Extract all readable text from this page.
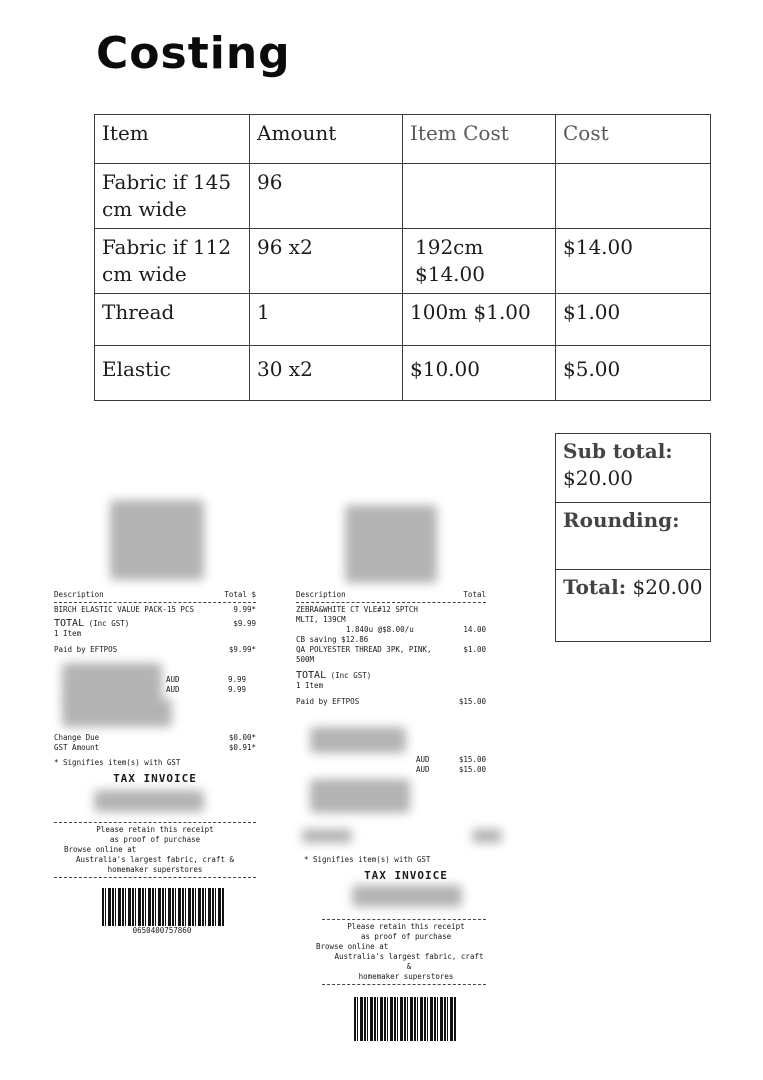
Costing
Item	Amount	Item Cost	Cost
Fabric if 145 cm wide	96		
Fabric if 112 cm wide	96 x2	192cm $14.00	$14.00
Thread	1	100m $1.00	$1.00
Elastic	30 x2	$10.00	$5.00
Sub total:
$20.00
Rounding:
Total: $20.00
Description	Total $
BIRCH ELASTIC VALUE PACK-15 PCS	9.99*
TOTAL (Inc GST)	$9.99
1 Item
Paid by EFTPOS	$9.99*
AUD	9.99
AUD	9.99
Change Due	$0.00*
GST Amount	$0.91*
* Signifies item(s) with GST
TAX INVOICE
Please retain this receipt
as proof of purchase
Browse online at
Australia's largest fabric, craft &
homemaker superstores
0650400757860
Description	Total
ZEBRA&WHITE CT VLE#12 SPTCH
MLTI, 139CM
1.840u @$8.00/u	14.00
CB saving $12.86
QA POLYESTER THREAD 3PK, PINK,	$1.00
500M
TOTAL (Inc GST)
1 Item
Paid by EFTPOS	$15.00
AUD	$15.00
AUD	$15.00
* Signifies item(s) with GST
TAX INVOICE
Please retain this receipt
as proof of purchase
Browse online at
Australia's largest fabric, craft &
homemaker superstores
